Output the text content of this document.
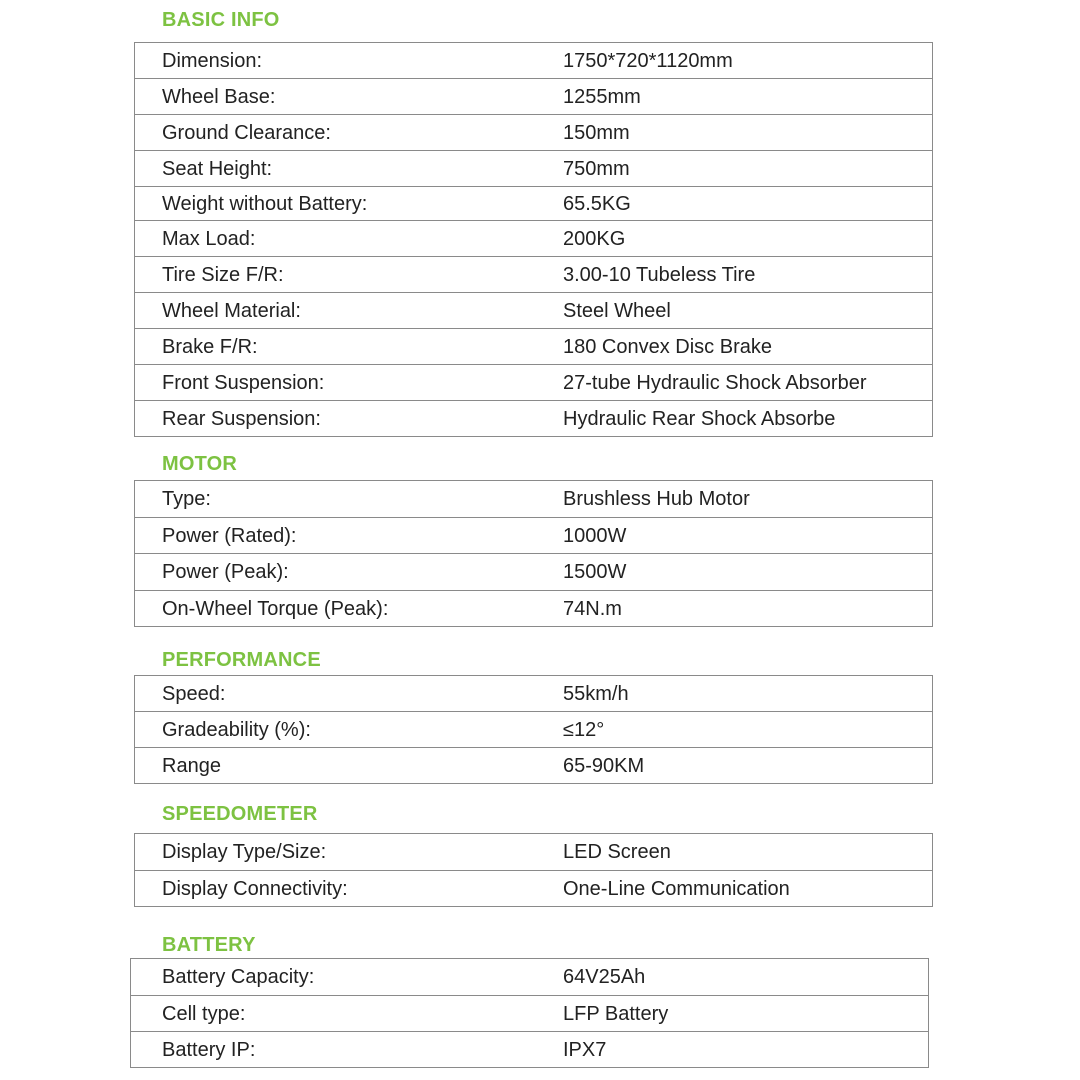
BASIC INFO
Dimension:	1750*720*1120mm
Wheel Base:	1255mm
Ground Clearance:	150mm
Seat Height:	750mm
Weight without Battery:	65.5KG
Max Load:	200KG
Tire Size F/R:	3.00-10 Tubeless Tire
Wheel Material:	Steel Wheel
Brake F/R:	180 Convex Disc Brake
Front Suspension:	27-tube Hydraulic Shock Absorber
Rear Suspension:	Hydraulic Rear Shock Absorbe
MOTOR
Type:	Brushless Hub Motor
Power (Rated):	1000W
Power (Peak):	1500W
On-Wheel Torque (Peak):	74N.m
PERFORMANCE
Speed:	55km/h
Gradeability (%):	≤12°
Range	65-90KM
SPEEDOMETER
Display Type/Size:	LED Screen
Display Connectivity:	One-Line Communication
BATTERY
Battery Capacity:	64V25Ah
Cell type:	LFP Battery
Battery IP:	IPX7
